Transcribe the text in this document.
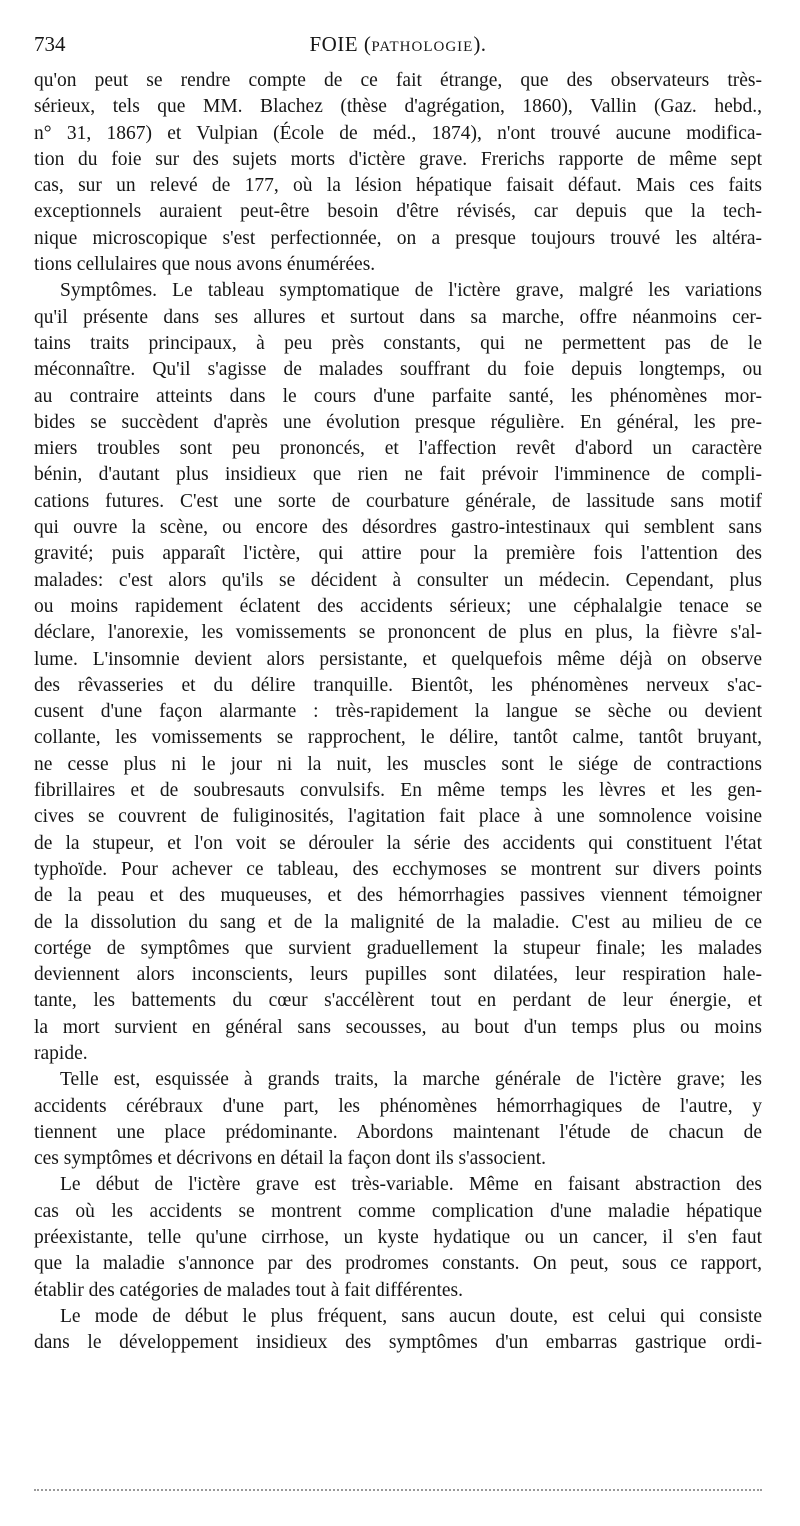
734	FOIE (PATHOLOGIE).
qu'on peut se rendre compte de ce fait étrange, que des observateurs très-
sérieux, tels que MM. Blachez (thèse d'agrégation, 1860), Vallin (Gaz. hebd.,
n° 31, 1867) et Vulpian (École de méd., 1874), n'ont trouvé aucune modifica-
tion du foie sur des sujets morts d'ictère grave. Frerichs rapporte de même sept
cas, sur un relevé de 177, où la lésion hépatique faisait défaut. Mais ces faits
exceptionnels auraient peut-être besoin d'être révisés, car depuis que la tech-
nique microscopique s'est perfectionnée, on a presque toujours trouvé les altéra-
tions cellulaires que nous avons énumérées.
Symptômes. Le tableau symptomatique de l'ictère grave, malgré les variations
qu'il présente dans ses allures et surtout dans sa marche, offre néanmoins cer-
tains traits principaux, à peu près constants, qui ne permettent pas de le
méconnaître. Qu'il s'agisse de malades souffrant du foie depuis longtemps, ou
au contraire atteints dans le cours d'une parfaite santé, les phénomènes mor-
bides se succèdent d'après une évolution presque régulière. En général, les pre-
miers troubles sont peu prononcés, et l'affection revêt d'abord un caractère
bénin, d'autant plus insidieux que rien ne fait prévoir l'imminence de compli-
cations futures. C'est une sorte de courbature générale, de lassitude sans motif
qui ouvre la scène, ou encore des désordres gastro-intestinaux qui semblent sans
gravité; puis apparaît l'ictère, qui attire pour la première fois l'attention des
malades: c'est alors qu'ils se décident à consulter un médecin. Cependant, plus
ou moins rapidement éclatent des accidents sérieux; une céphalalgie tenace se
déclare, l'anorexie, les vomissements se prononcent de plus en plus, la fièvre s'al-
lume. L'insomnie devient alors persistante, et quelquefois même déjà on observe
des rêvasseries et du délire tranquille. Bientôt, les phénomènes nerveux s'ac-
cusent d'une façon alarmante : très-rapidement la langue se sèche ou devient
collante, les vomissements se rapprochent, le délire, tantôt calme, tantôt bruyant,
ne cesse plus ni le jour ni la nuit, les muscles sont le siége de contractions
fibrillaires et de soubresauts convulsifs. En même temps les lèvres et les gen-
cives se couvrent de fuliginosités, l'agitation fait place à une somnolence voisine
de la stupeur, et l'on voit se dérouler la série des accidents qui constituent l'état
typhoïde. Pour achever ce tableau, des ecchymoses se montrent sur divers points
de la peau et des muqueuses, et des hémorrhagies passives viennent témoigner
de la dissolution du sang et de la malignité de la maladie. C'est au milieu de ce
cortége de symptômes que survient graduellement la stupeur finale; les malades
deviennent alors inconscients, leurs pupilles sont dilatées, leur respiration hale-
tante, les battements du cœur s'accélèrent tout en perdant de leur énergie, et
la mort survient en général sans secousses, au bout d'un temps plus ou moins
rapide.
Telle est, esquissée à grands traits, la marche générale de l'ictère grave; les
accidents cérébraux d'une part, les phénomènes hémorrhagiques de l'autre, y
tiennent une place prédominante. Abordons maintenant l'étude de chacun de
ces symptômes et décrivons en détail la façon dont ils s'associent.
Le début de l'ictère grave est très-variable. Même en faisant abstraction des
cas où les accidents se montrent comme complication d'une maladie hépatique
préexistante, telle qu'une cirrhose, un kyste hydatique ou un cancer, il s'en faut
que la maladie s'annonce par des prodromes constants. On peut, sous ce rapport,
établir des catégories de malades tout à fait différentes.
Le mode de début le plus fréquent, sans aucun doute, est celui qui consiste
dans le développement insidieux des symptômes d'un embarras gastrique ordi-
